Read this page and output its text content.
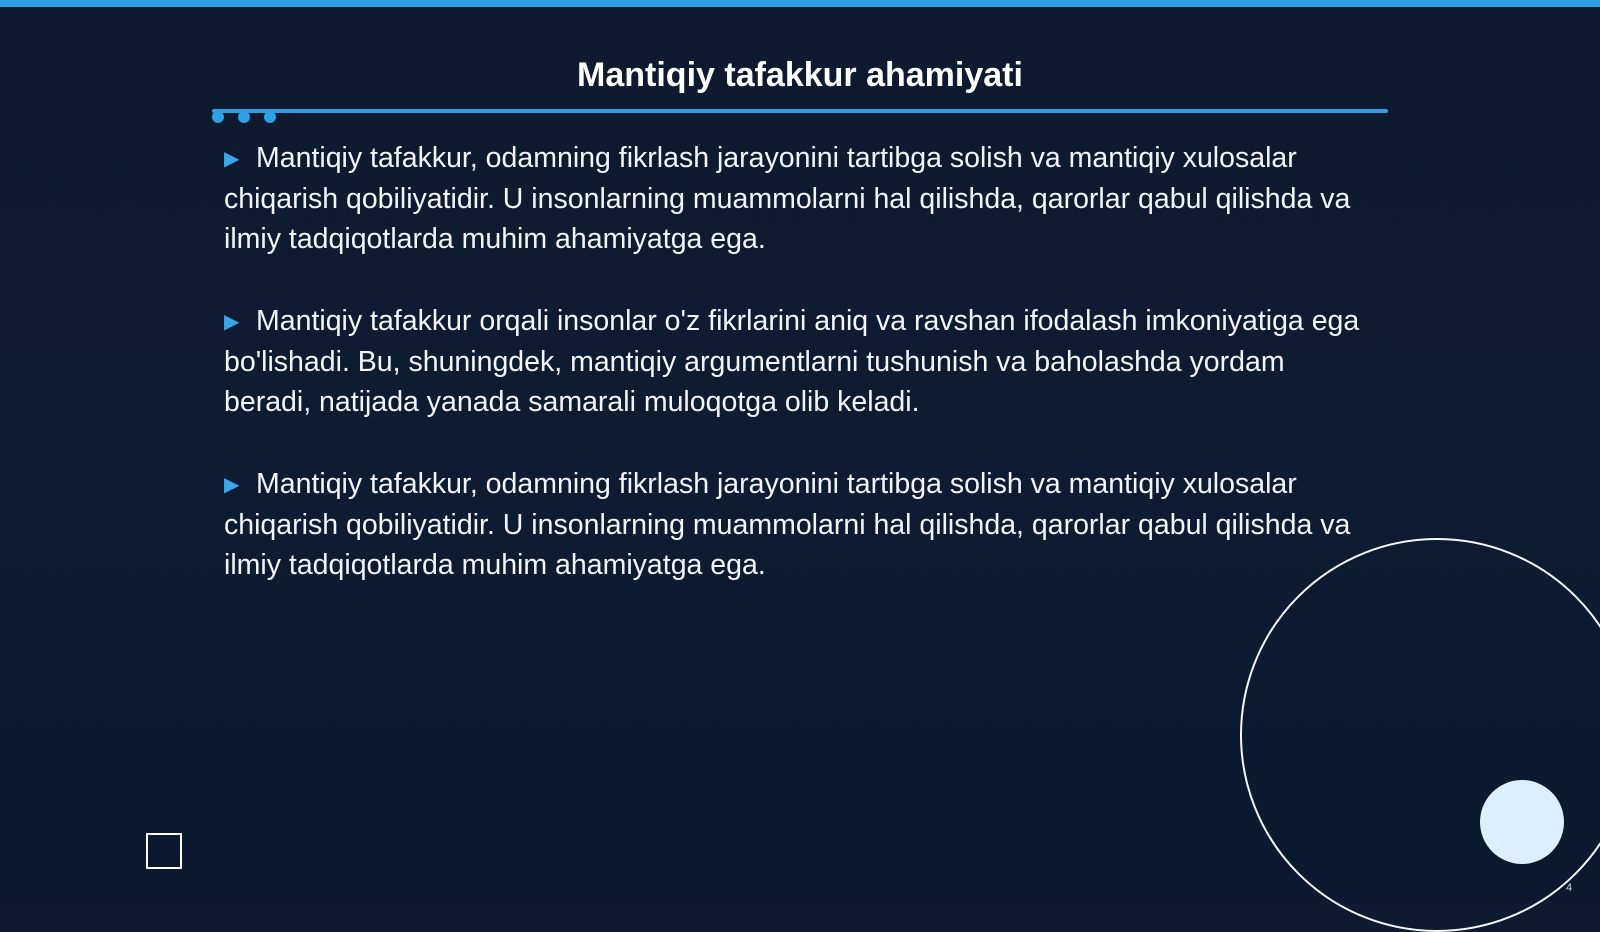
Mantiqiy tafakkur ahamiyati

▶ Mantiqiy tafakkur, odamning fikrlash jarayonini tartibga solish va mantiqiy xulosalar chiqarish qobiliyatidir. U insonlarning muammolarni hal qilishda, qarorlar qabul qilishda va ilmiy tadqiqotlarda muhim ahamiyatga ega.

▶ Mantiqiy tafakkur orqali insonlar o'z fikrlarini aniq va ravshan ifodalash imkoniyatiga ega bo'lishadi. Bu, shuningdek, mantiqiy argumentlarni tushunish va baholashda yordam beradi, natijada yanada samarali muloqotga olib keladi.

▶ Mantiqiy tafakkur, odamning fikrlash jarayonini tartibga solish va mantiqiy xulosalar chiqarish qobiliyatidir. U insonlarning muammolarni hal qilishda, qarorlar qabul qilishda va ilmiy tadqiqotlarda muhim ahamiyatga ega.

4
